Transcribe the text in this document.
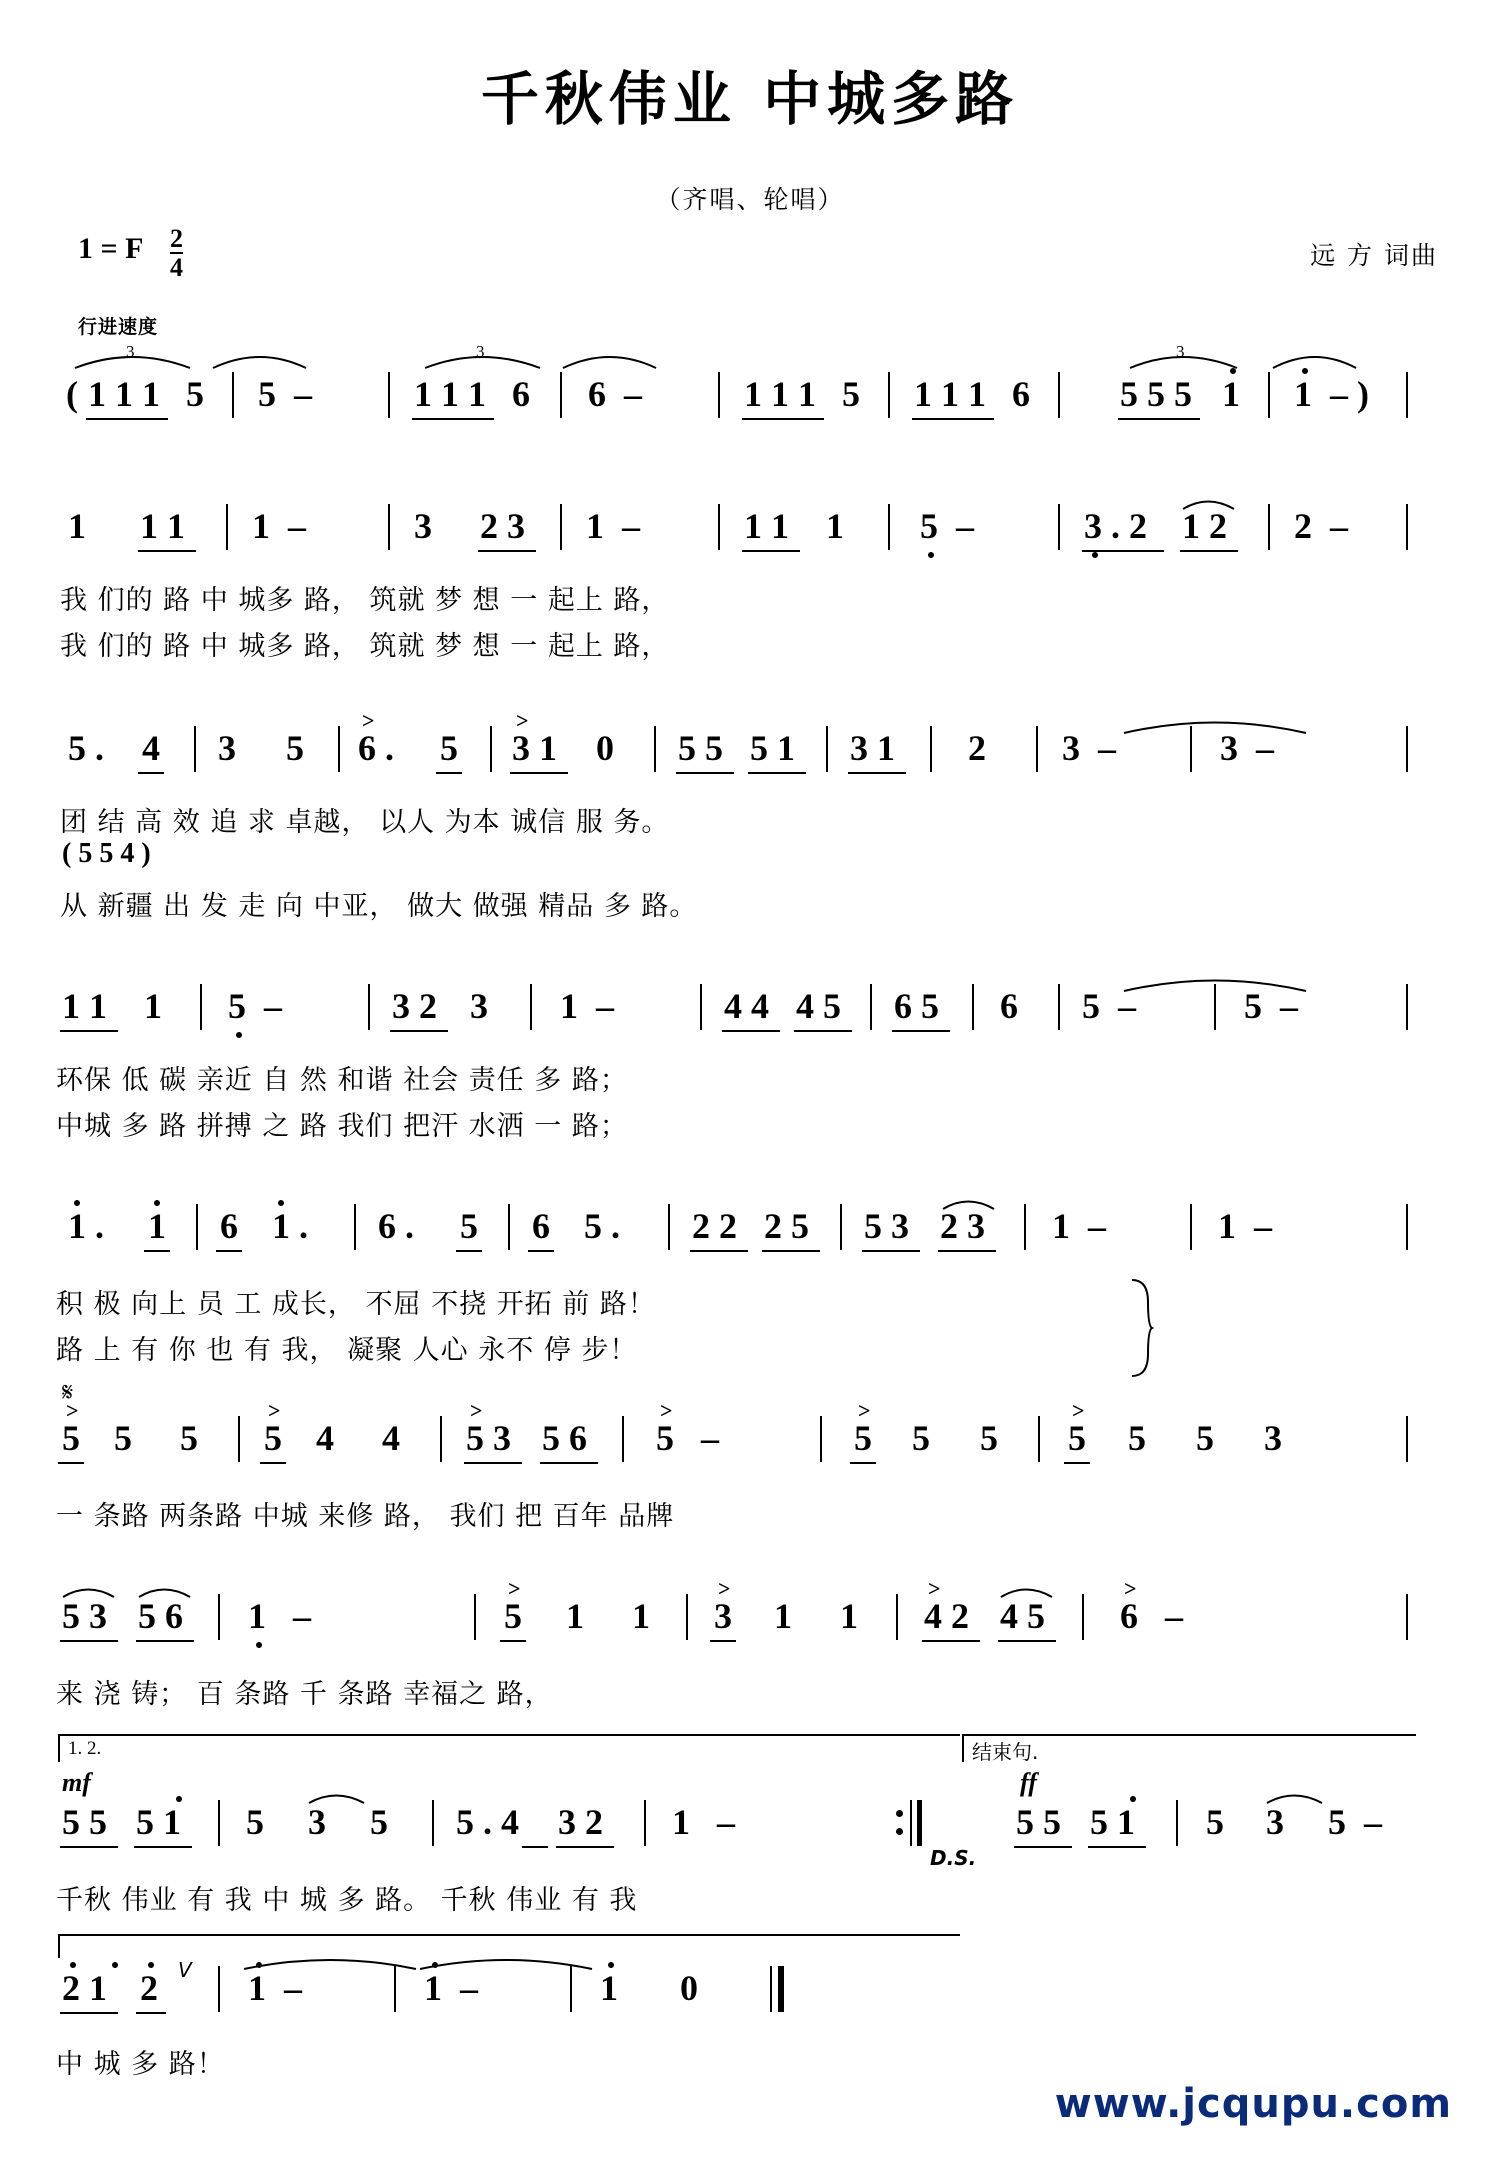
千秋伟业 中城多路
（齐唱、轮唱）
1 = F $\frac{2}{4}$
行进速度
远 方 词曲
3	3	3
( 1 1 1 5 5  –	1 1 1 6 6  –	1 1 1 5 1 1 1 6	5 5 5 1 1  – )
1 1 1 1  –	3 2 3 1  –	1 1 1 5  –	3 . 2 1 2 2  –
我 们的 路 中 城多 路， 筑就 梦 想 一 起上 路，
我 们的 路 中 城多 路， 筑就 梦 想 一 起上 路，
5 . 4 3 5
>
6 . 5
>
3 1 0 5 5 5 1 3 1 2 3  –	3  –
团 结 高 效 追 求 卓越， 以人 为本 诚信 服 务。
( 5 5 4 )
从 新疆 出 发 走 向 中亚， 做大 做强 精品 多 路。
1 1 1 5  –	3 2 3 1  –	4 4 4 5 6 5 6 5  –	5  –
环保 低 碳 亲近 自 然 和谐 社会 责任 多 路；
中城 多 路 拼搏 之 路 我们 把汗 水洒 一 路；
1 . 1 6 1 . 6 . 5 6 5 . 2 2 2 5 5 3 2 3 1  –	1  –
积 极 向上 员 工 成长， 不屈 不挠 开拓 前 路！
路 上 有 你 也 有 我， 凝聚 人心 永不 停 步！
𝄋
>
5 5 5
>
5 4 4
>
5 3 5 6
>
5   –
>
5 5 5
>
5 5 5 3
一 条路 两条路 中城 来修 路， 我们 把 百年 品牌
5 3 5 6 1   –
>
5 1 1
>
3 1 1
>
4 2 4 5
>
6   –
来 浇 铸； 百 条路 千 条路 幸福之 路，
1. 2.	结束句.
mf	ff
5 5 5 1 5 3 5 5 . 4 3 2 1   –
D.S.
5 5 5 1 5 3 5  –
千秋 伟业 有 我 中 城 多 路。 千秋 伟业 有 我
2 1 2 V 1  –	1  –	1 0
中 城 多 路！
www.jcqupu.com
